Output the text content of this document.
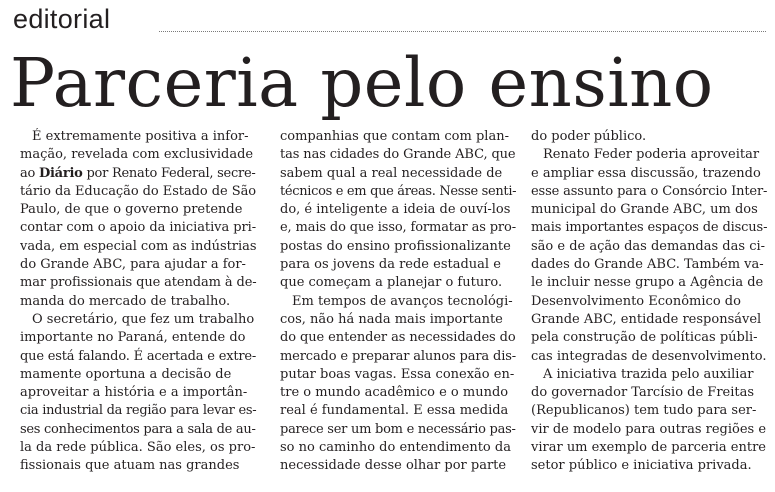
editorial
Parceria pelo ensino
É extremamente positiva a infor-
mação, revelada com exclusividade
ao Diário por Renato Federal, secre-
tário da Educação do Estado de São
Paulo, de que o governo pretende
contar com o apoio da iniciativa pri-
vada, em especial com as indústrias
do Grande ABC, para ajudar a for-
mar profissionais que atendam à de-
manda do mercado de trabalho.
O secretário, que fez um trabalho
importante no Paraná, entende do
que está falando. É acertada e extre-
mamente oportuna a decisão de
aproveitar a história e a importân-
cia industrial da região para levar es-
ses conhecimentos para a sala de au-
la da rede pública. São eles, os pro-
fissionais que atuam nas grandes
companhias que contam com plan-
tas nas cidades do Grande ABC, que
sabem qual a real necessidade de
técnicos e em que áreas. Nesse senti-
do, é inteligente a ideia de ouví-los
e, mais do que isso, formatar as pro-
postas do ensino profissionalizante
para os jovens da rede estadual e
que começam a planejar o futuro.
Em tempos de avanços tecnológi-
cos, não há nada mais importante
do que entender as necessidades do
mercado e preparar alunos para dis-
putar boas vagas. Essa conexão en-
tre o mundo acadêmico e o mundo
real é fundamental. E essa medida
parece ser um bom e necessário pas-
so no caminho do entendimento da
necessidade desse olhar por parte
do poder público.
Renato Feder poderia aproveitar
e ampliar essa discussão, trazendo
esse assunto para o Consórcio Inter-
municipal do Grande ABC, um dos
mais importantes espaços de discus-
são e de ação das demandas das ci-
dades do Grande ABC. Também va-
le incluir nesse grupo a Agência de
Desenvolvimento Econômico do
Grande ABC, entidade responsável
pela construção de políticas públi-
cas integradas de desenvolvimento.
A iniciativa trazida pelo auxiliar
do governador Tarcísio de Freitas
(Republicanos) tem tudo para ser-
vir de modelo para outras regiões e
virar um exemplo de parceria entre
setor público e iniciativa privada.
